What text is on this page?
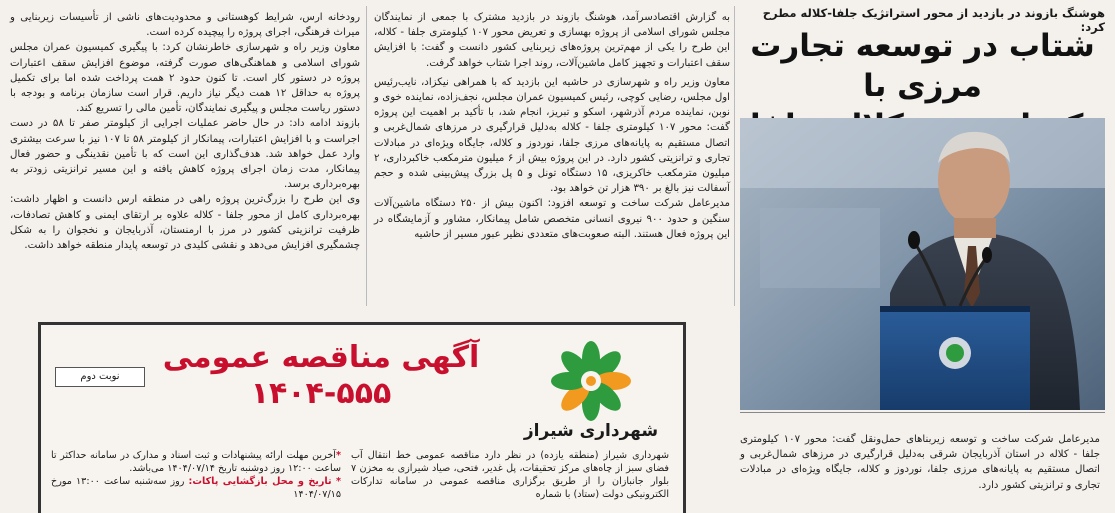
هوشنگ بازوند در بازدید از محور استراتژیک جلفا-کلاله مطرح کرد:
شتاب در توسعه تجارت مرزی با

مدیرعامل شرکت ساخت و توسعه زیربناهای حمل‌ونقل گفت: محور ۱۰۷ کیلومتری جلفا - کلاله در استان آذربایجان شرقی به‌دلیل قرارگیری در مرزهای شمال‌غربی و اتصال مستقیم به پایانه‌های مرزی جلفا، نوردوز و کلاله، جایگاه ویژه‌ای در مبادلات تجاری و ترانزیتی کشور دارد.

به گزارش اقتصادسرآمد، هوشنگ بازوند در بازدید مشترک با جمعی از نمایندگان مجلس شورای اسلامی از پروژه بهسازی و تعریض محور ۱۰۷ کیلومتری جلفا - کلاله، این طرح را یکی از مهم‌ترین پروژه‌های زیربنایی کشور دانست و گفت: با افزایش سقف اعتبارات و تجهیز کامل ماشین‌آلات، روند اجرا شتاب خواهد گرفت.

معاون وزیر راه و شهرسازی در حاشیه این بازدید که با همراهی نیکزاد، نایب‌رئیس اول مجلس، رضایی کوچی، رئیس کمیسیون عمران مجلس، نجف‌زاده، نماینده خوی و نوبن، نماینده مردم آذرشهر، اسکو و تبریز، انجام شد، با تأکید بر اهمیت این پروژه گفت: محور ۱۰۷ کیلومتری جلفا - کلاله به‌دلیل قرارگیری در مرزهای شمال‌غربی و اتصال مستقیم به پایانه‌های مرزی جلفا، نوردوز و کلاله، جایگاه ویژه‌ای در مبادلات تجاری و ترانزیتی کشور دارد. در این پروژه بیش از ۶ میلیون مترمکعب خاکبرداری، ۲ میلیون مترمکعب خاکریزی، ۱۵ دستگاه تونل و ۵ پل بزرگ پیش‌بینی شده و حجم آسفالت نیز بالغ بر ۳۹۰ هزار تن خواهد بود.

مدیرعامل شرکت ساخت و توسعه افزود: اکنون بیش از ۲۵۰ دستگاه ماشین‌آلات سنگین و حدود ۹۰۰ نیروی انسانی متخصص شامل پیمانکار، مشاور و آزمایشگاه در این پروژه فعال هستند. البته صعوبت‌های متعددی نظیر عبور مسیر از حاشیه

رودخانه ارس، شرایط کوهستانی و محدودیت‌های ناشی از تأسیسات زیربنایی و میراث فرهنگی، اجرای پروژه را پیچیده کرده است.

معاون وزیر راه و شهرسازی خاطرنشان کرد: با پیگیری کمیسیون عمران مجلس شورای اسلامی و هماهنگی‌های صورت گرفته، موضوع افزایش سقف اعتبارات پروژه در دستور کار است. تا کنون حدود ۲ همت پرداخت شده اما برای تکمیل پروژه به حداقل ۱۲ همت دیگر نیاز داریم. قرار است سازمان برنامه و بودجه با دستور ریاست مجلس و پیگیری نمایندگان، تأمین مالی را تسریع کند.

بازوند ادامه داد: در حال حاضر عملیات اجرایی از کیلومتر صفر تا ۵۸ در دست اجراست و با افزایش اعتبارات، پیمانکار از کیلومتر ۵۸ تا ۱۰۷ نیز با سرعت بیشتری وارد عمل خواهد شد. هدف‌گذاری این است که با تأمین نقدینگی و حضور فعال پیمانکار، مدت زمان اجرای پروژه کاهش یافته و این مسیر ترانزیتی زودتر به بهره‌برداری برسد.

وی این طرح را بزرگ‌ترین پروژه راهی در منطقه ارس دانست و اظهار داشت: بهره‌برداری کامل از محور جلفا - کلاله علاوه بر ارتقای ایمنی و کاهش تصادفات، ظرفیت ترانزیتی کشور در مرز با ارمنستان، آذربایجان و نخجوان را به شکل چشمگیری افزایش می‌دهد و نقشی کلیدی در توسعه پایدار منطقه خواهد داشت.

شهرداری شیراز
آگهی مناقصه عمومی
۱۴۰۴-۵۵۵
نوبت دوم
شهرداری شیراز (منطقه یازده) در نظر دارد مناقصه عمومی خط انتقال آب فضای سبز از چاه‌های مرکز تحقیقات، پل غدیر، فتحی، صیاد شیرازی به مخزن ۷ بلوار جانبازان را از طریق برگزاری مناقصه عمومی در سامانه تدارکات الکترونیکی دولت (ستاد) با شماره
*آخرین مهلت ارائه پیشنهادات و ثبت اسناد و مدارک در سامانه حداکثر تا ساعت ۱۲:۰۰ روز دوشنبه تاریخ ۱۴۰۴/۰۷/۱۴ می‌باشد.
* تاریخ و محل بازگشایی پاکات: روز سه‌شنبه ساعت ۱۳:۰۰ مورخ ۱۴۰۴/۰۷/۱۵
